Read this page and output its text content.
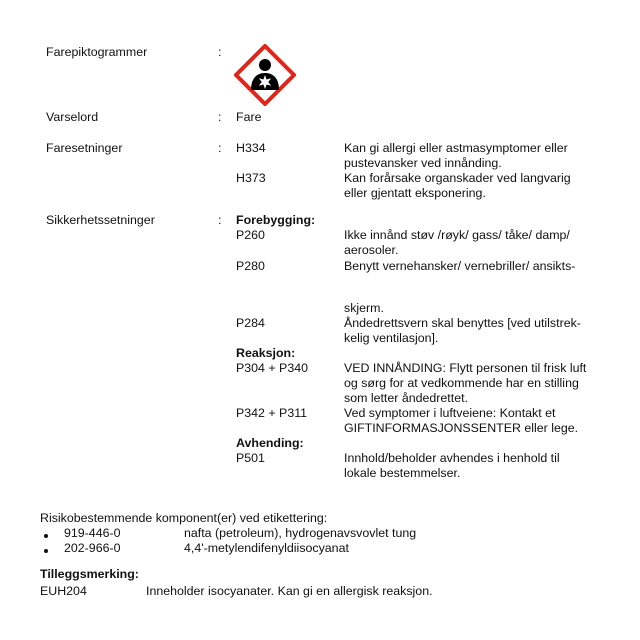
Farepiktogrammer	:
Varselord	: Fare
Faresetninger	: H334	Kan gi allergi eller astmasymptomer eller
pustevansker ved innånding.
H373	Kan forårsake organskader ved langvarig
eller gjentatt eksponering.
Sikkerhetssetninger	: Forebygging:
P260	Ikke innånd støv /røyk/ gass/ tåke/ damp/
aerosoler.
P280	Benytt vernehansker/ vernebriller/ ansikts-
skjerm.
P284	Åndedrettsvern skal benyttes [ved utilstrek-
kelig ventilasjon].
Reaksjon:
P304 + P340	VED INNÅNDING: Flytt personen til frisk luft
og sørg for at vedkommende har en stilling
som letter åndedrettet.
P342 + P311	Ved symptomer i luftveiene: Kontakt et
GIFTINFORMASJONSSENTER eller lege.
Avhending:
P501	Innhold/beholder avhendes i henhold til
lokale bestemmelser.
Risikobestemmende komponent(er) ved etikettering:
919-446-0	nafta (petroleum), hydrogenavsvovlet tung
202-966-0	4,4'-metylendifenyldiisocyanat
Tilleggsmerking:
EUH204	Inneholder isocyanater. Kan gi en allergisk reaksjon.
